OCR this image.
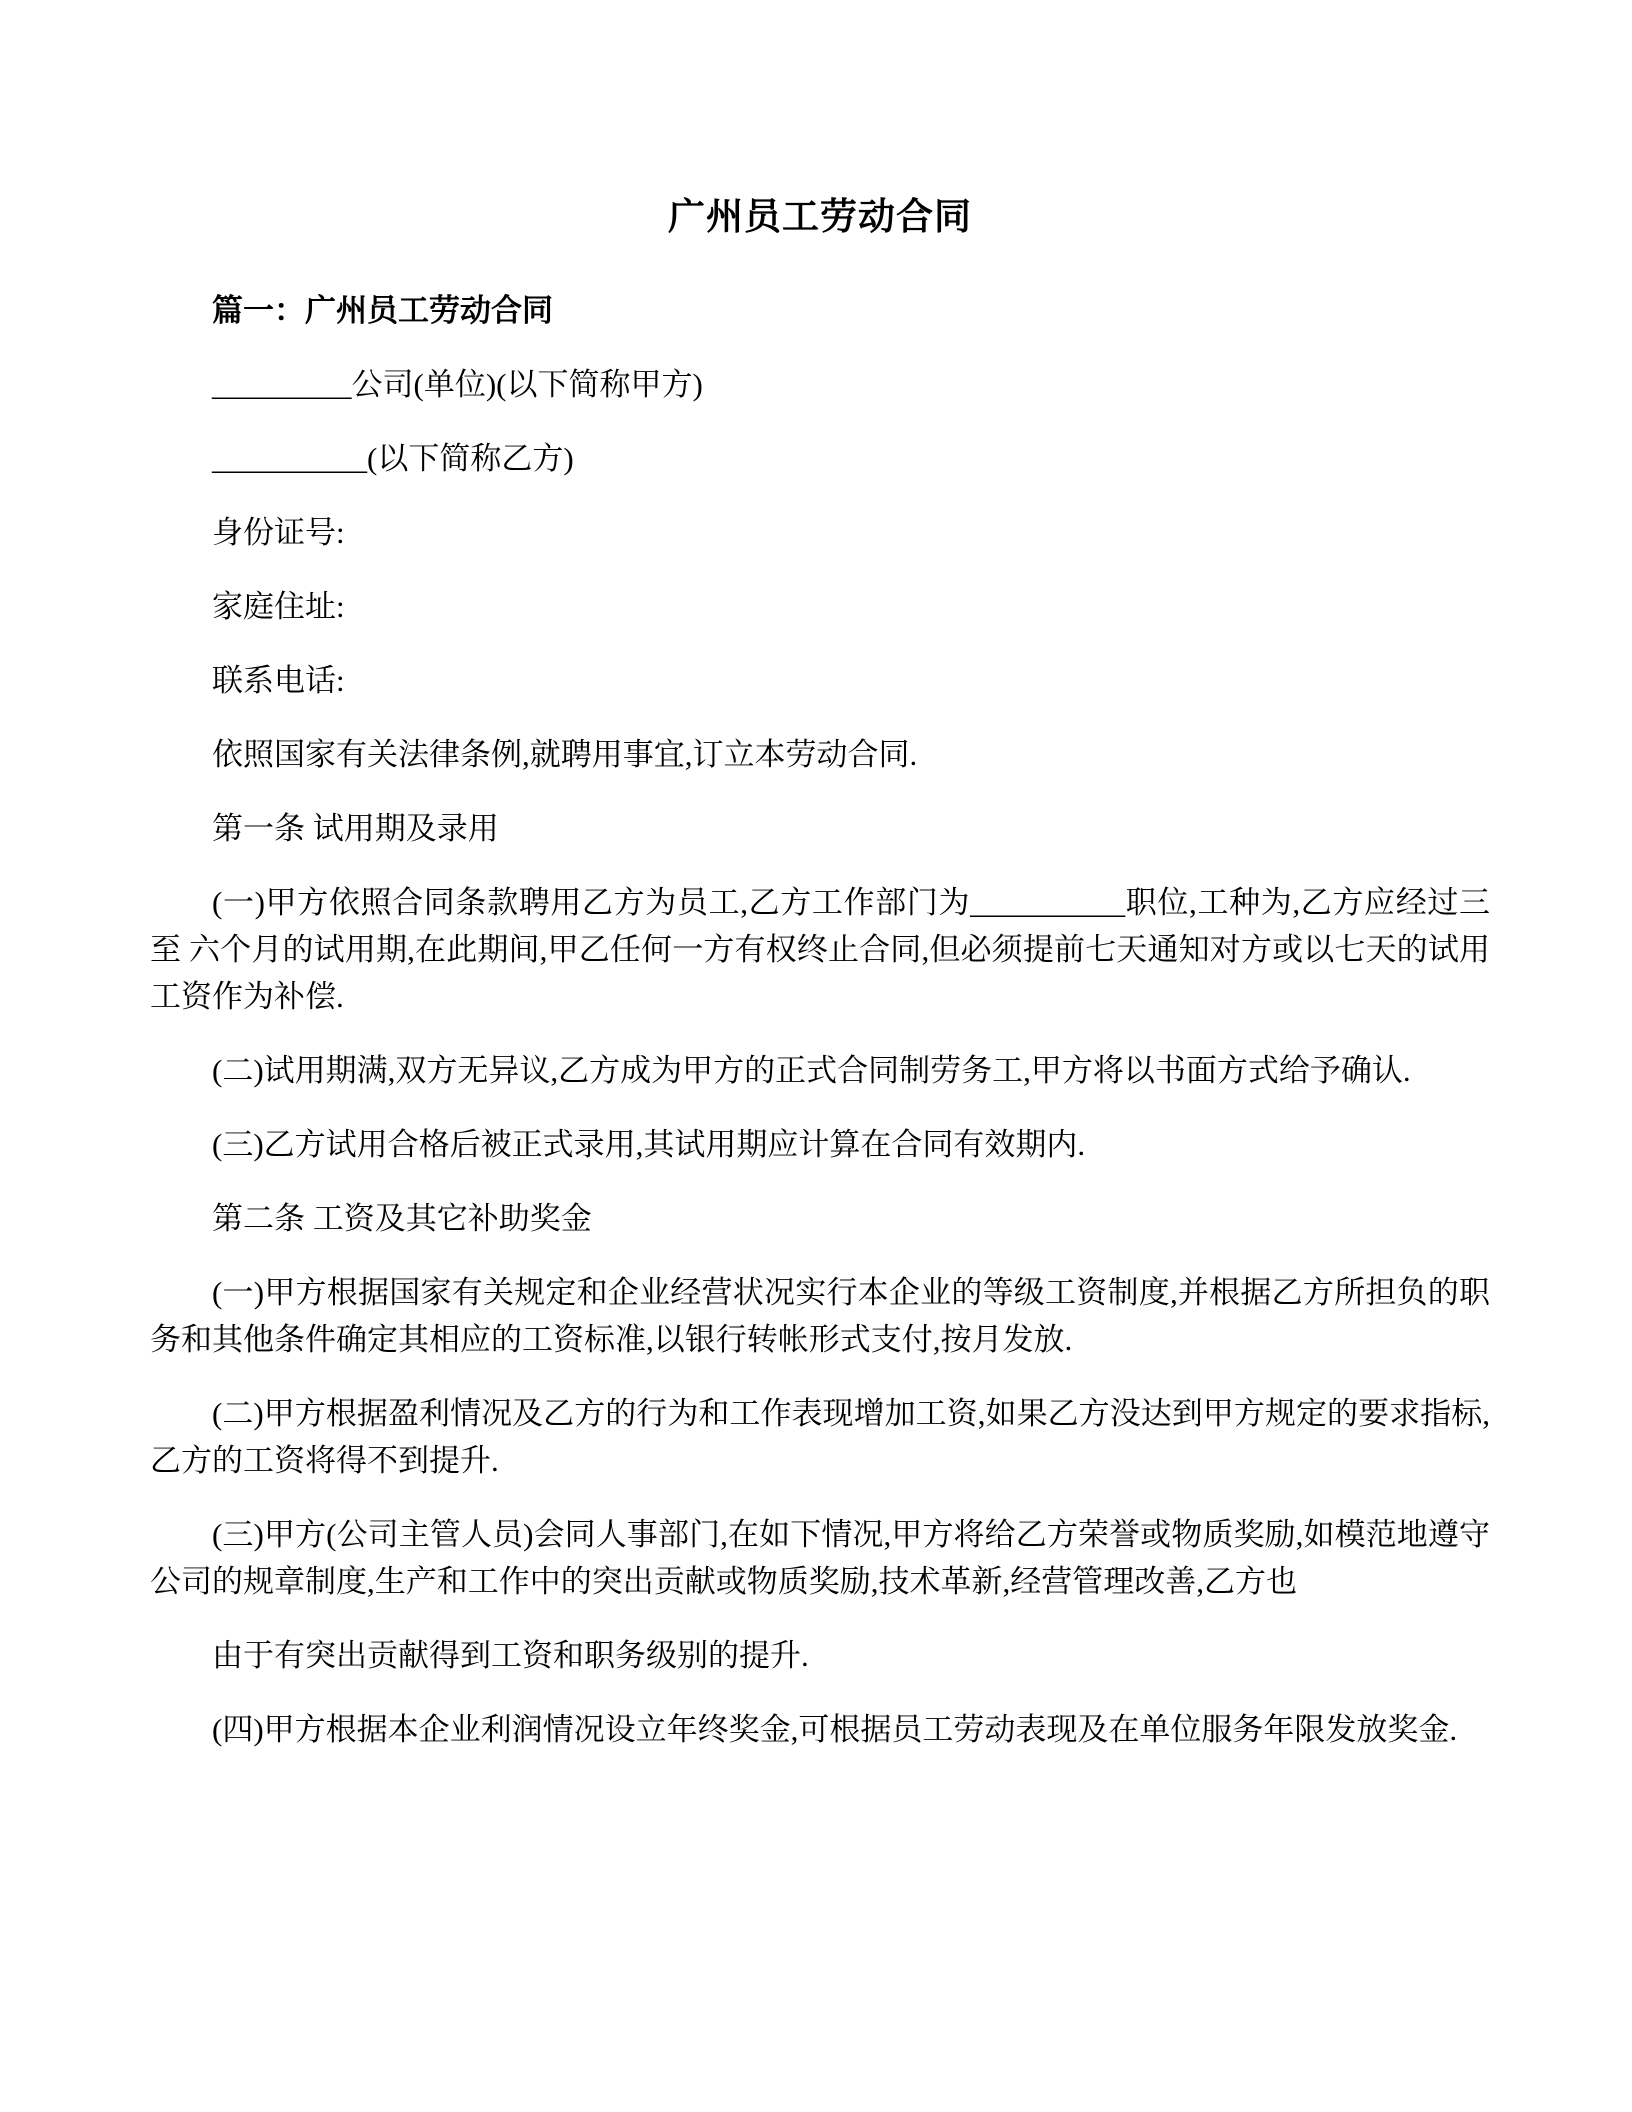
广州员工劳动合同

篇一：广州员工劳动合同

_________公司(单位)(以下简称甲方)

__________(以下简称乙方)

身份证号:

家庭住址:

联系电话:

依照国家有关法律条例,就聘用事宜,订立本劳动合同.

第一条 试用期及录用

(一)甲方依照合同条款聘用乙方为员工,乙方工作部门为__________职位,工种为,乙方应经过三至 六个月的试用期,在此期间,甲乙任何一方有权终止合同,但必须提前七天通知对方或以七天的试用工资作为补偿.

(二)试用期满,双方无异议,乙方成为甲方的正式合同制劳务工,甲方将以书面方式给予确认.

(三)乙方试用合格后被正式录用,其试用期应计算在合同有效期内.

第二条 工资及其它补助奖金

(一)甲方根据国家有关规定和企业经营状况实行本企业的等级工资制度,并根据乙方所担负的职务和其他条件确定其相应的工资标准,以银行转帐形式支付,按月发放.

(二)甲方根据盈利情况及乙方的行为和工作表现增加工资,如果乙方没达到甲方规定的要求指标,乙方的工资将得不到提升.

(三)甲方(公司主管人员)会同人事部门,在如下情况,甲方将给乙方荣誉或物质奖励,如模范地遵守公司的规章制度,生产和工作中的突出贡献或物质奖励,技术革新,经营管理改善,乙方也

由于有突出贡献得到工资和职务级别的提升.

(四)甲方根据本企业利润情况设立年终奖金,可根据员工劳动表现及在单位服务年限发放奖金.
